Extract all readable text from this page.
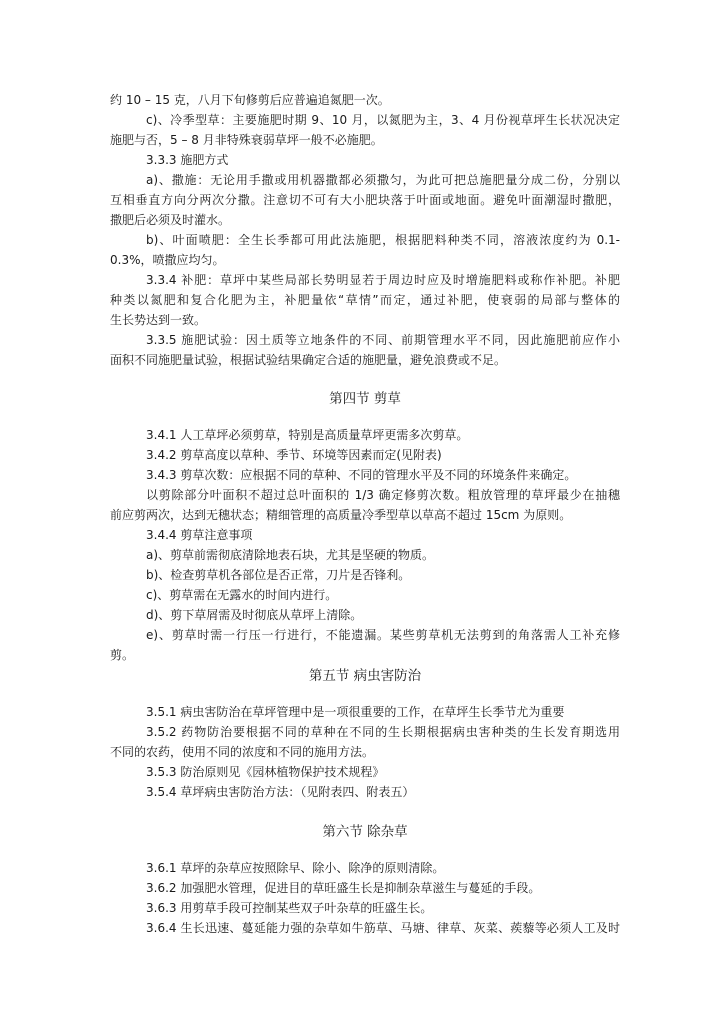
约 10 – 15 克，八月下旬修剪后应普遍追氮肥一次。
c)、冷季型草：主要施肥时期 9、10 月，以氮肥为主，3、4 月份视草坪生长状况决定
施肥与否，5 – 8 月非特殊衰弱草坪一般不必施肥。
3.3.3 施肥方式
a)、撒施：无论用手撒或用机器撒都必须撒匀，为此可把总施肥量分成二份，分别以
互相垂直方向分两次分撒。注意切不可有大小肥块落于叶面或地面。避免叶面潮湿时撒肥，
撒肥后必须及时灌水。
b)、叶面喷肥：全生长季都可用此法施肥，根据肥料种类不同，溶液浓度约为 0.1-
0.3%，喷撒应均匀。
3.3.4 补肥：草坪中某些局部长势明显若于周边时应及时增施肥料或称作补肥。补肥
种类以氮肥和复合化肥为主，补肥量依“草情”而定，通过补肥，使衰弱的局部与整体的
生长势达到一致。
3.3.5 施肥试验：因土质等立地条件的不同、前期管理水平不同，因此施肥前应作小
面积不同施肥量试验，根据试验结果确定合适的施肥量，避免浪费或不足。
第四节 剪草
3.4.1 人工草坪必须剪草，特别是高质量草坪更需多次剪草。
3.4.2 剪草高度以草种、季节、环境等因素而定(见附表)
3.4.3 剪草次数：应根据不同的草种、不同的管理水平及不同的环境条件来确定。
以剪除部分叶面积不超过总叶面积的 1/3 确定修剪次数。粗放管理的草坪最少在抽穗
前应剪两次，达到无穗状态；精细管理的高质量冷季型草以草高不超过 15cm 为原则。
3.4.4 剪草注意事项
a)、剪草前需彻底清除地表石块，尤其是坚硬的物质。
b)、检查剪草机各部位是否正常，刀片是否锋利。
c)、剪草需在无露水的时间内进行。
d)、剪下草屑需及时彻底从草坪上清除。
e)、剪草时需一行压一行进行，不能遗漏。某些剪草机无法剪到的角落需人工补充修
剪。
第五节 病虫害防治
3.5.1 病虫害防治在草坪管理中是一项很重要的工作，在草坪生长季节尤为重要
3.5.2 药物防治要根据不同的草种在不同的生长期根据病虫害种类的生长发育期选用
不同的农药，使用不同的浓度和不同的施用方法。
3.5.3 防治原则见《园林植物保护技术规程》
3.5.4 草坪病虫害防治方法：（见附表四、附表五）
第六节 除杂草
3.6.1 草坪的杂草应按照除早、除小、除净的原则清除。
3.6.2 加强肥水管理，促进目的草旺盛生长是抑制杂草滋生与蔓延的手段。
3.6.3 用剪草手段可控制某些双子叶杂草的旺盛生长。
3.6.4 生长迅速、蔓延能力强的杂草如牛筋草、马塘、律草、灰菜、蒺藜等必须人工及时
